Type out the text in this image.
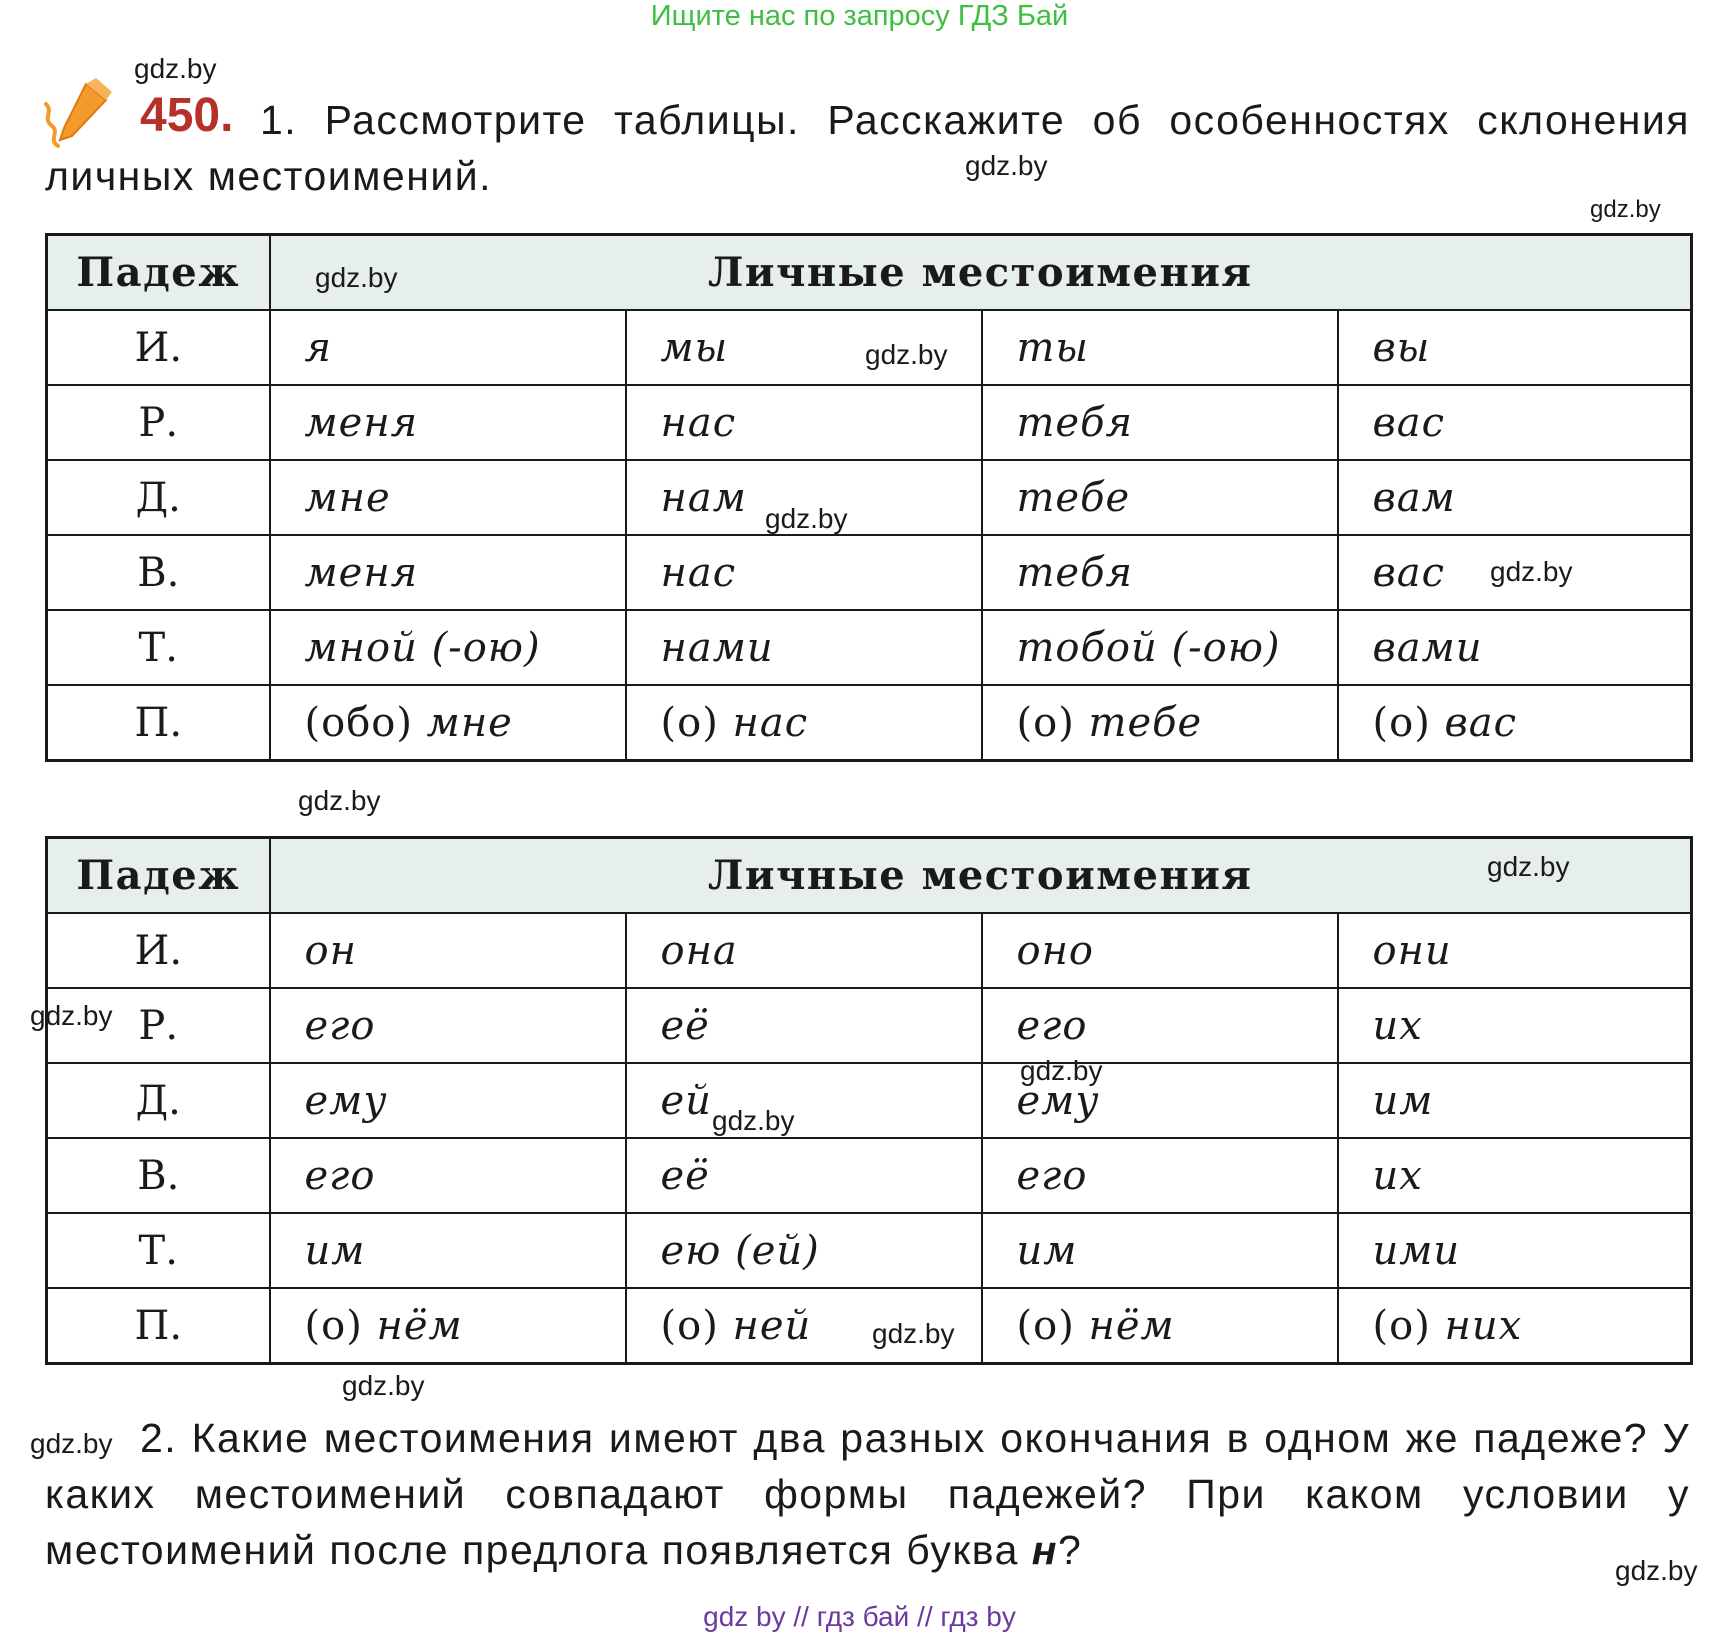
Ищите нас по запросу ГДЗ Бай
450. 1. Рассмотрите таблицы. Расскажите об особенностях склонения личных местоимений.
Падеж	Личные местоимения			
И.	я	мы	ты	вы
Р.	меня	нас	тебя	вас
Д.	мне	нам	тебе	вам
В.	меня	нас	тебя	вас
Т.	мной (-ою)	нами	тобой (-ою)	вами
П.	(обо) мне	(о) нас	(о) тебе	(о) вас
Падеж	Личные местоимения			
И.	он	она	оно	они
Р.	его	её	его	их
Д.	ему	ей	ему	им
В.	его	её	его	их
Т.	им	ею (ей)	им	ими
П.	(о) нём	(о) ней	(о) нём	(о) них
2. Какие местоимения имеют два разных окончания в одном же падеже? У каких местоимений совпадают формы падежей? При каком условии у местоимений после предлога появляется буква н?
gdz.by
gdz.by
gdz.by
gdz.by
gdz.by
gdz.by
gdz.by
gdz.by
gdz.by
gdz.by
gdz.by
gdz.by
gdz.by
gdz.by
gdz.by
gdz.by
gdz by // гдз бай // гдз by
